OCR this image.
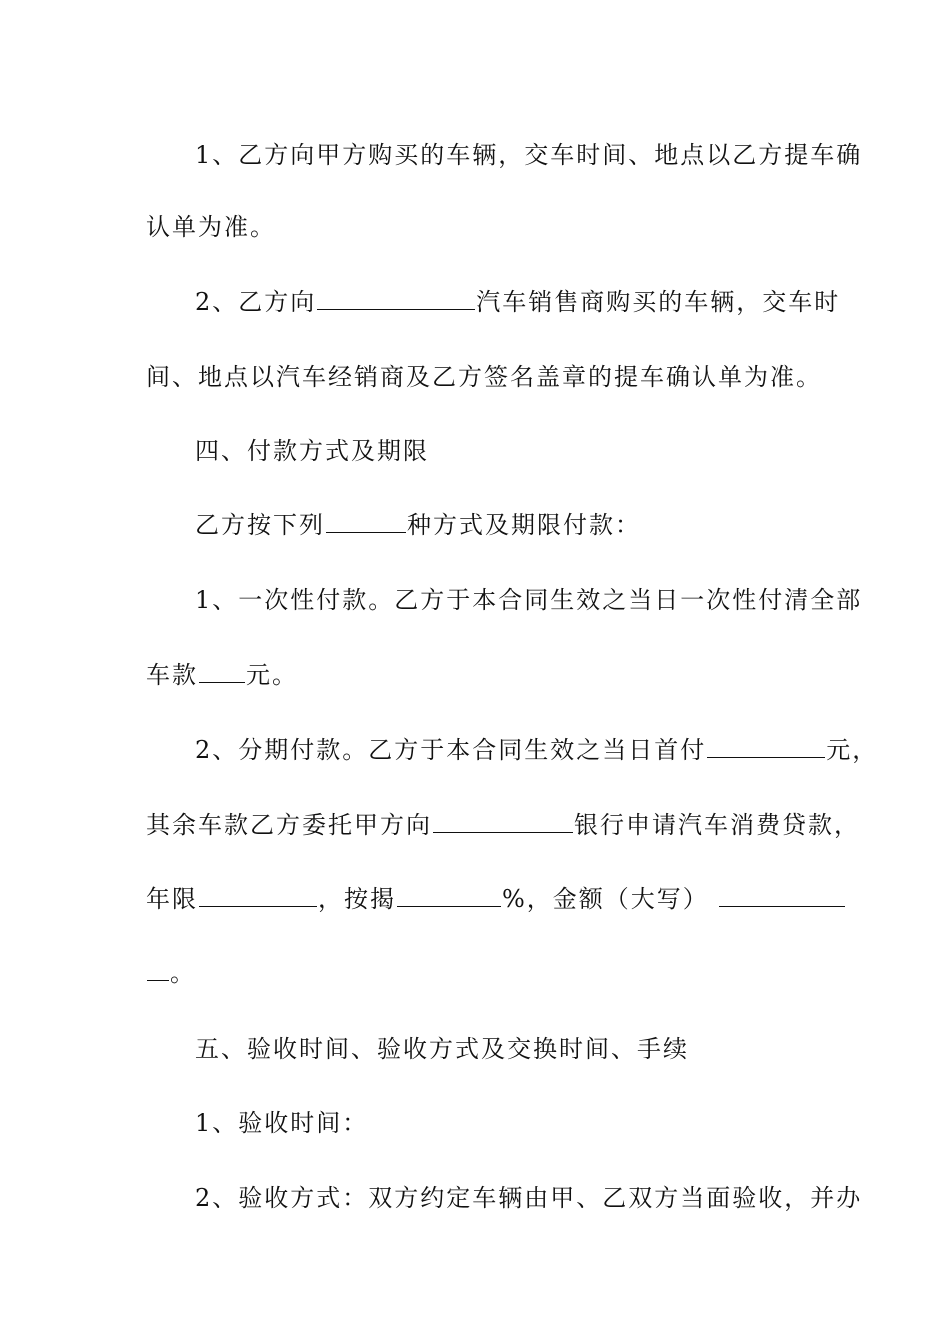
1、乙方向甲方购买的车辆，交车时间、地点以乙方提车确
认单为准。
2、乙方向	汽车销售商购买的车辆，交车时
间、地点以汽车经销商及乙方签名盖章的提车确认单为准。
四、付款方式及期限
乙方按下列	种方式及期限付款：
1、一次性付款。乙方于本合同生效之当日一次性付清全部
车款 元。
2、分期付款。乙方于本合同生效之当日首付	元，
其余车款乙方委托甲方向	银行申请汽车消费贷款，
年限	，按揭	%，金额（大写）
。
五、验收时间、验收方式及交换时间、手续
1、验收时间：
2、验收方式：双方约定车辆由甲、乙双方当面验收，并办
